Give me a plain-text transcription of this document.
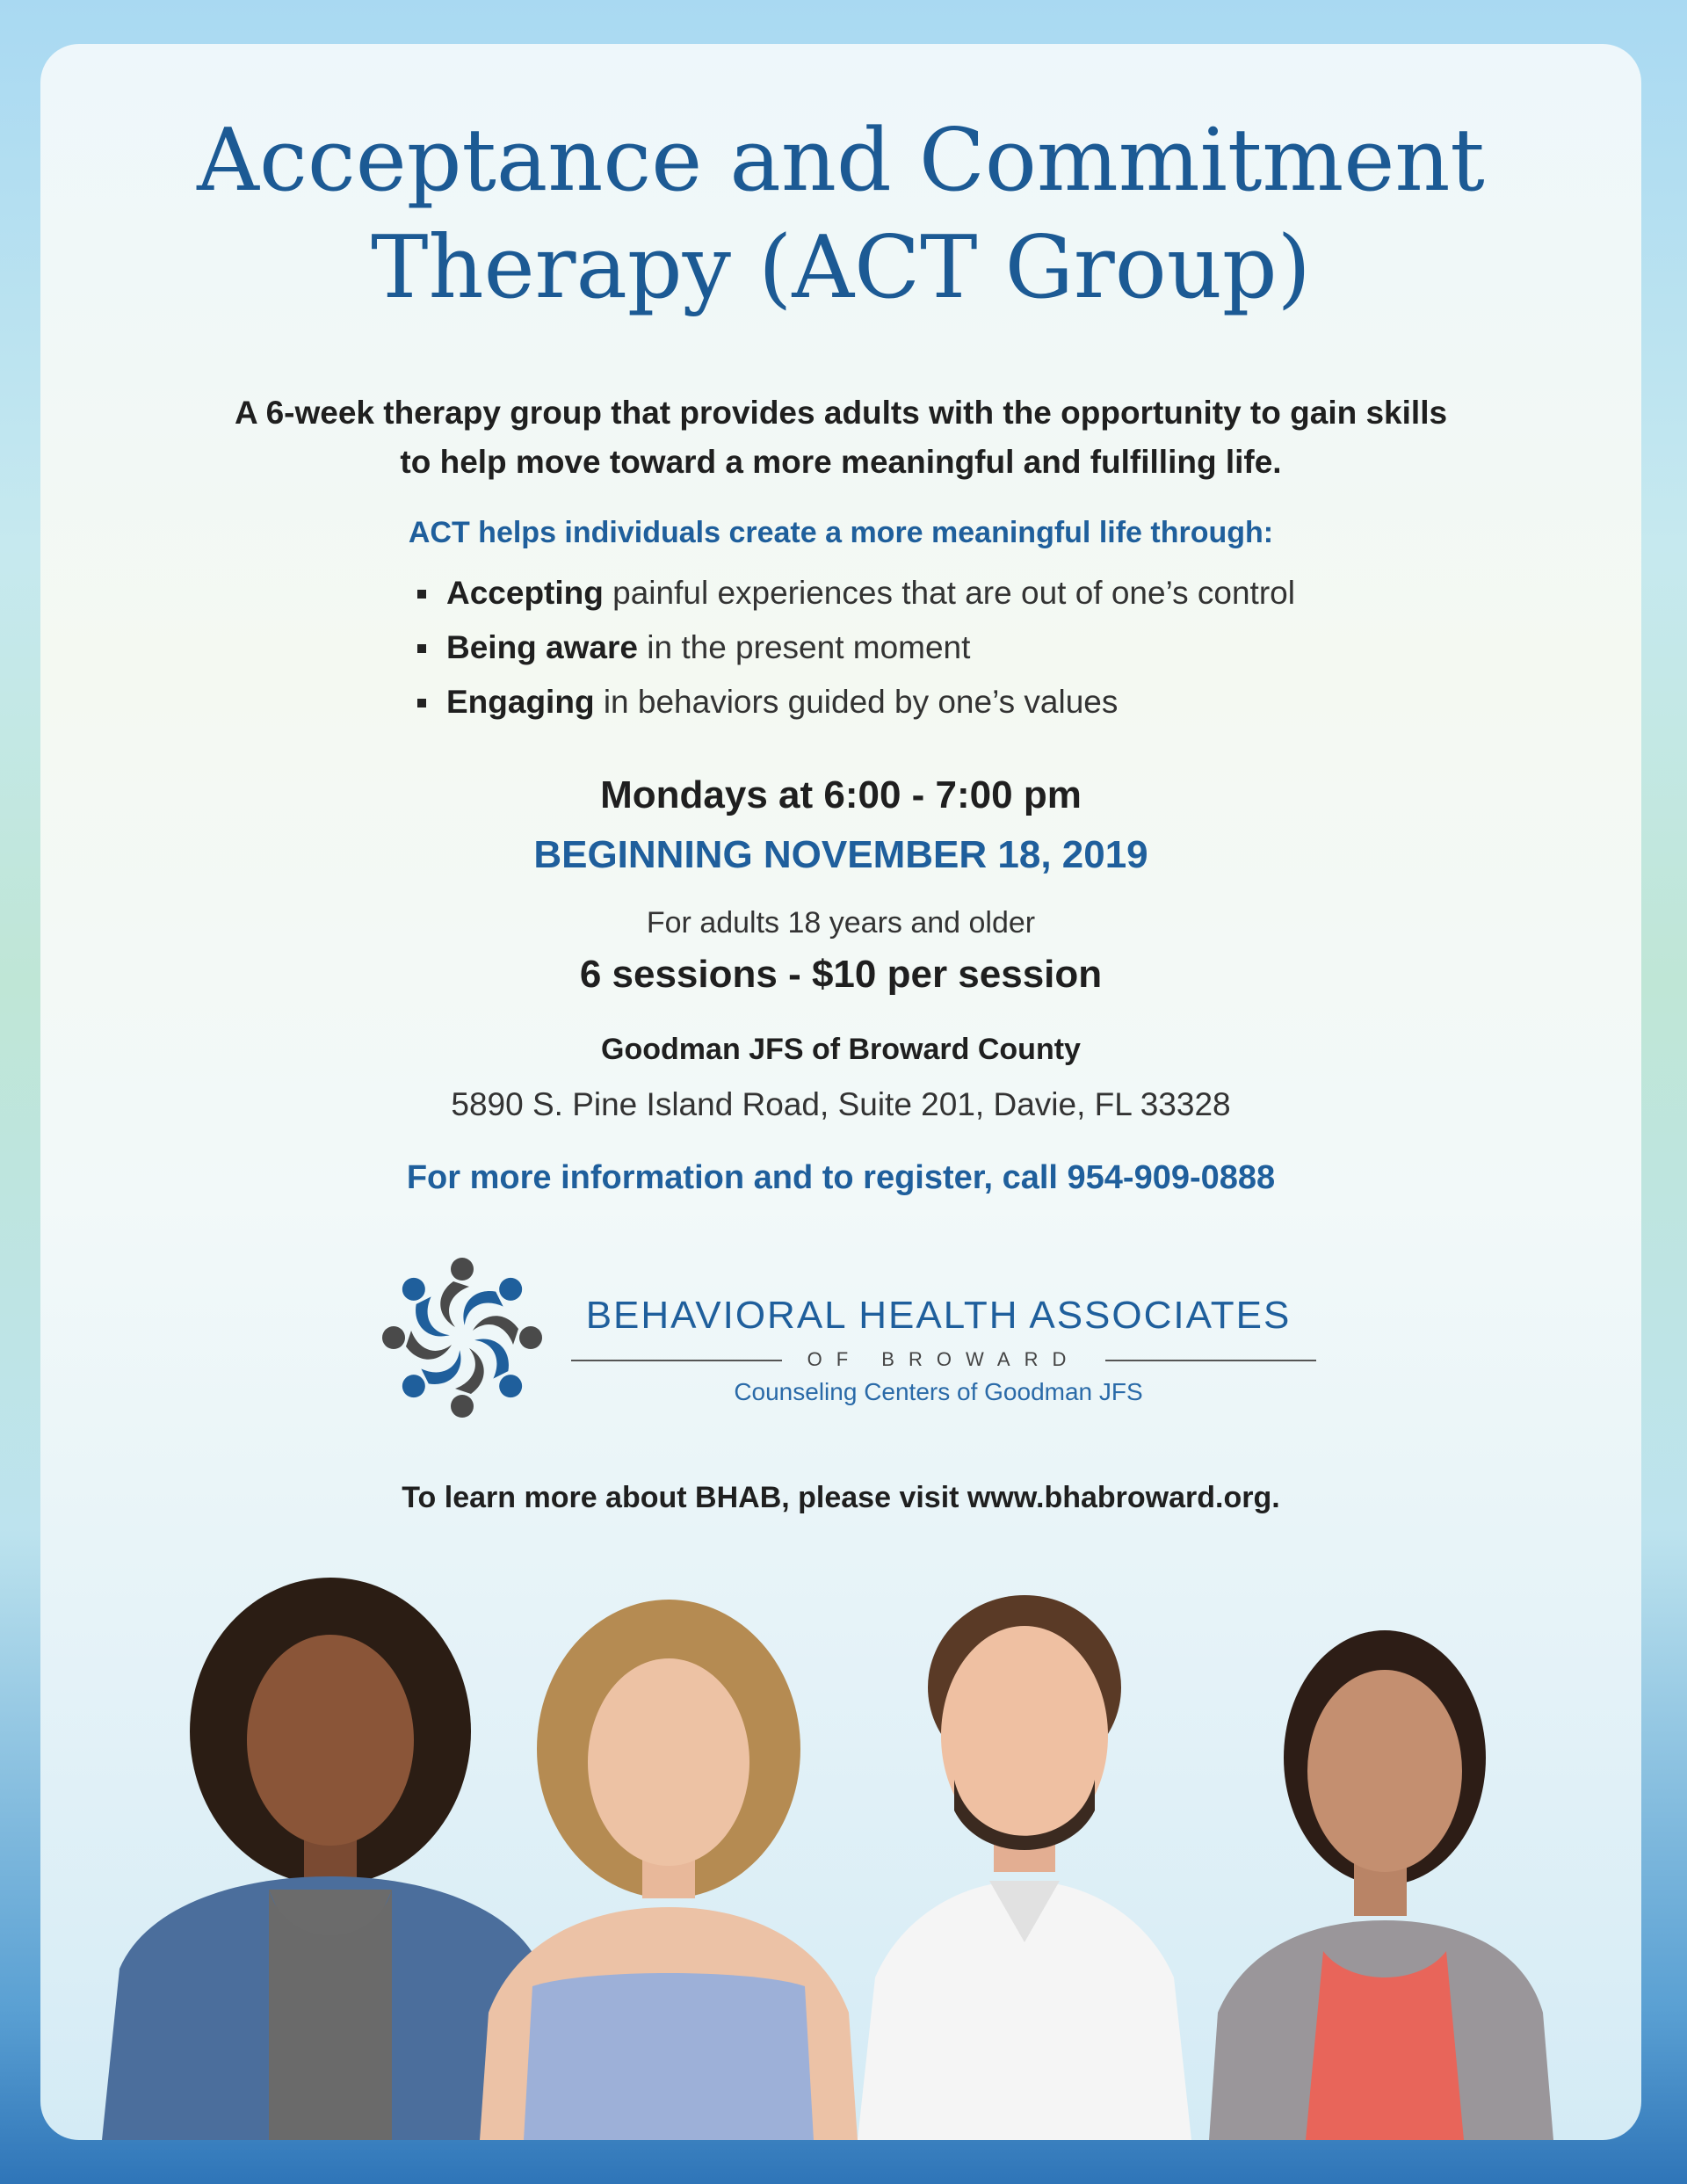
Acceptance and Commitment
Therapy (ACT Group)
A 6-week therapy group that provides adults with the opportunity to gain skills
to help move toward a more meaningful and fulfilling life.
ACT helps individuals create a more meaningful life through:
Accepting painful experiences that are out of one’s control
Being aware in the present moment
Engaging in behaviors guided by one’s values
Mondays at 6:00 - 7:00 pm
BEGINNING NOVEMBER 18, 2019
For adults 18 years and older
6 sessions - $10 per session
Goodman JFS of Broward County
5890 S. Pine Island Road, Suite 201, Davie, FL 33328
For more information and to register, call 954-909-0888
BEHAVIORAL HEALTH ASSOCIATES
OF BROWARD
Counseling Centers of Goodman JFS
To learn more about BHAB, please visit www.bhabroward.org.
